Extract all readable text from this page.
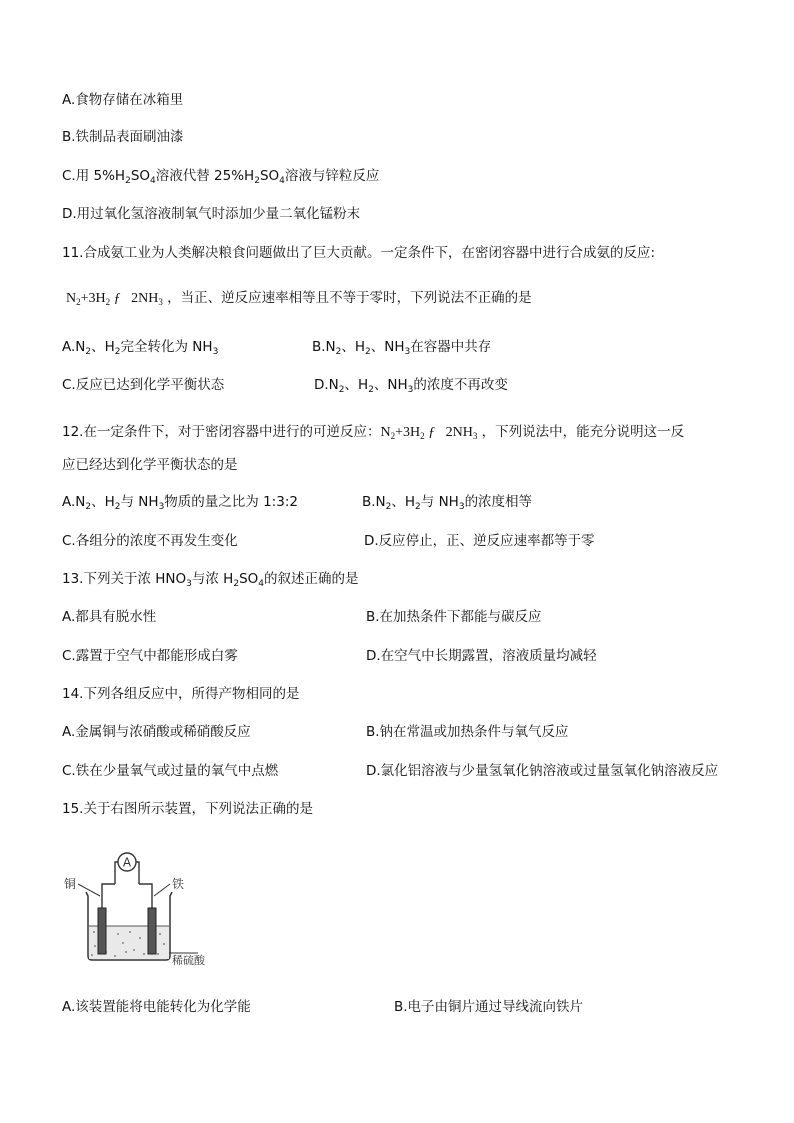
A.食物存储在冰箱里
B.铁制品表面刷油漆
C.用 $5\%H_2SO_4$溶液代替 $25\%H_2SO_4$溶液与锌粒反应
D.用过氧化氢溶液制氧气时添加少量二氧化锰粉末
11.合成氨工业为人类解决粮食问题做出了巨大贡献。一定条件下，在密闭容器中进行合成氨的反应:
$N_2+3H_2$ ƒ $2NH_3$ ，当正、逆反应速率相等且不等于零时，下列说法不正确的是
$A.N_2$、$H_2$完全转化为 $NH_3$	$B.N_2$、$H_2$、$NH_3$在容器中共存
C.反应已达到化学平衡状态	$D.N_2$、$H_2$、$NH_3$的浓度不再改变
12.在一定条件下，对于密闭容器中进行的可逆反应：$N_2+3H_2$ ƒ $2NH_3$ ，下列说法中，能充分说明这一反
应已经达到化学平衡状态的是
$A.N_2$、$H_2$与 $NH_3$物质的量之比为 1:3:2	$B.N_2$、$H_2$与 $NH_3$的浓度相等
C.各组分的浓度不再发生变化	D.反应停止，正、逆反应速率都等于零
13.下列关于浓 $HNO_3$与浓 $H_2SO_4$的叙述正确的是
A.都具有脱水性	B.在加热条件下都能与碳反应
C.露置于空气中都能形成白雾	D.在空气中长期露置，溶液质量均减轻
14.下列各组反应中，所得产物相同的是
A.金属铜与浓硝酸或稀硝酸反应	B.钠在常温或加热条件与氧气反应
C.铁在少量氧气或过量的氧气中点燃	D.氯化铝溶液与少量氢氧化钠溶液或过量氢氧化钠溶液反应
15.关于右图所示装置，下列说法正确的是
A
铜	铁
稀硫酸
A.该装置能将电能转化为化学能	B.电子由铜片通过导线流向铁片
